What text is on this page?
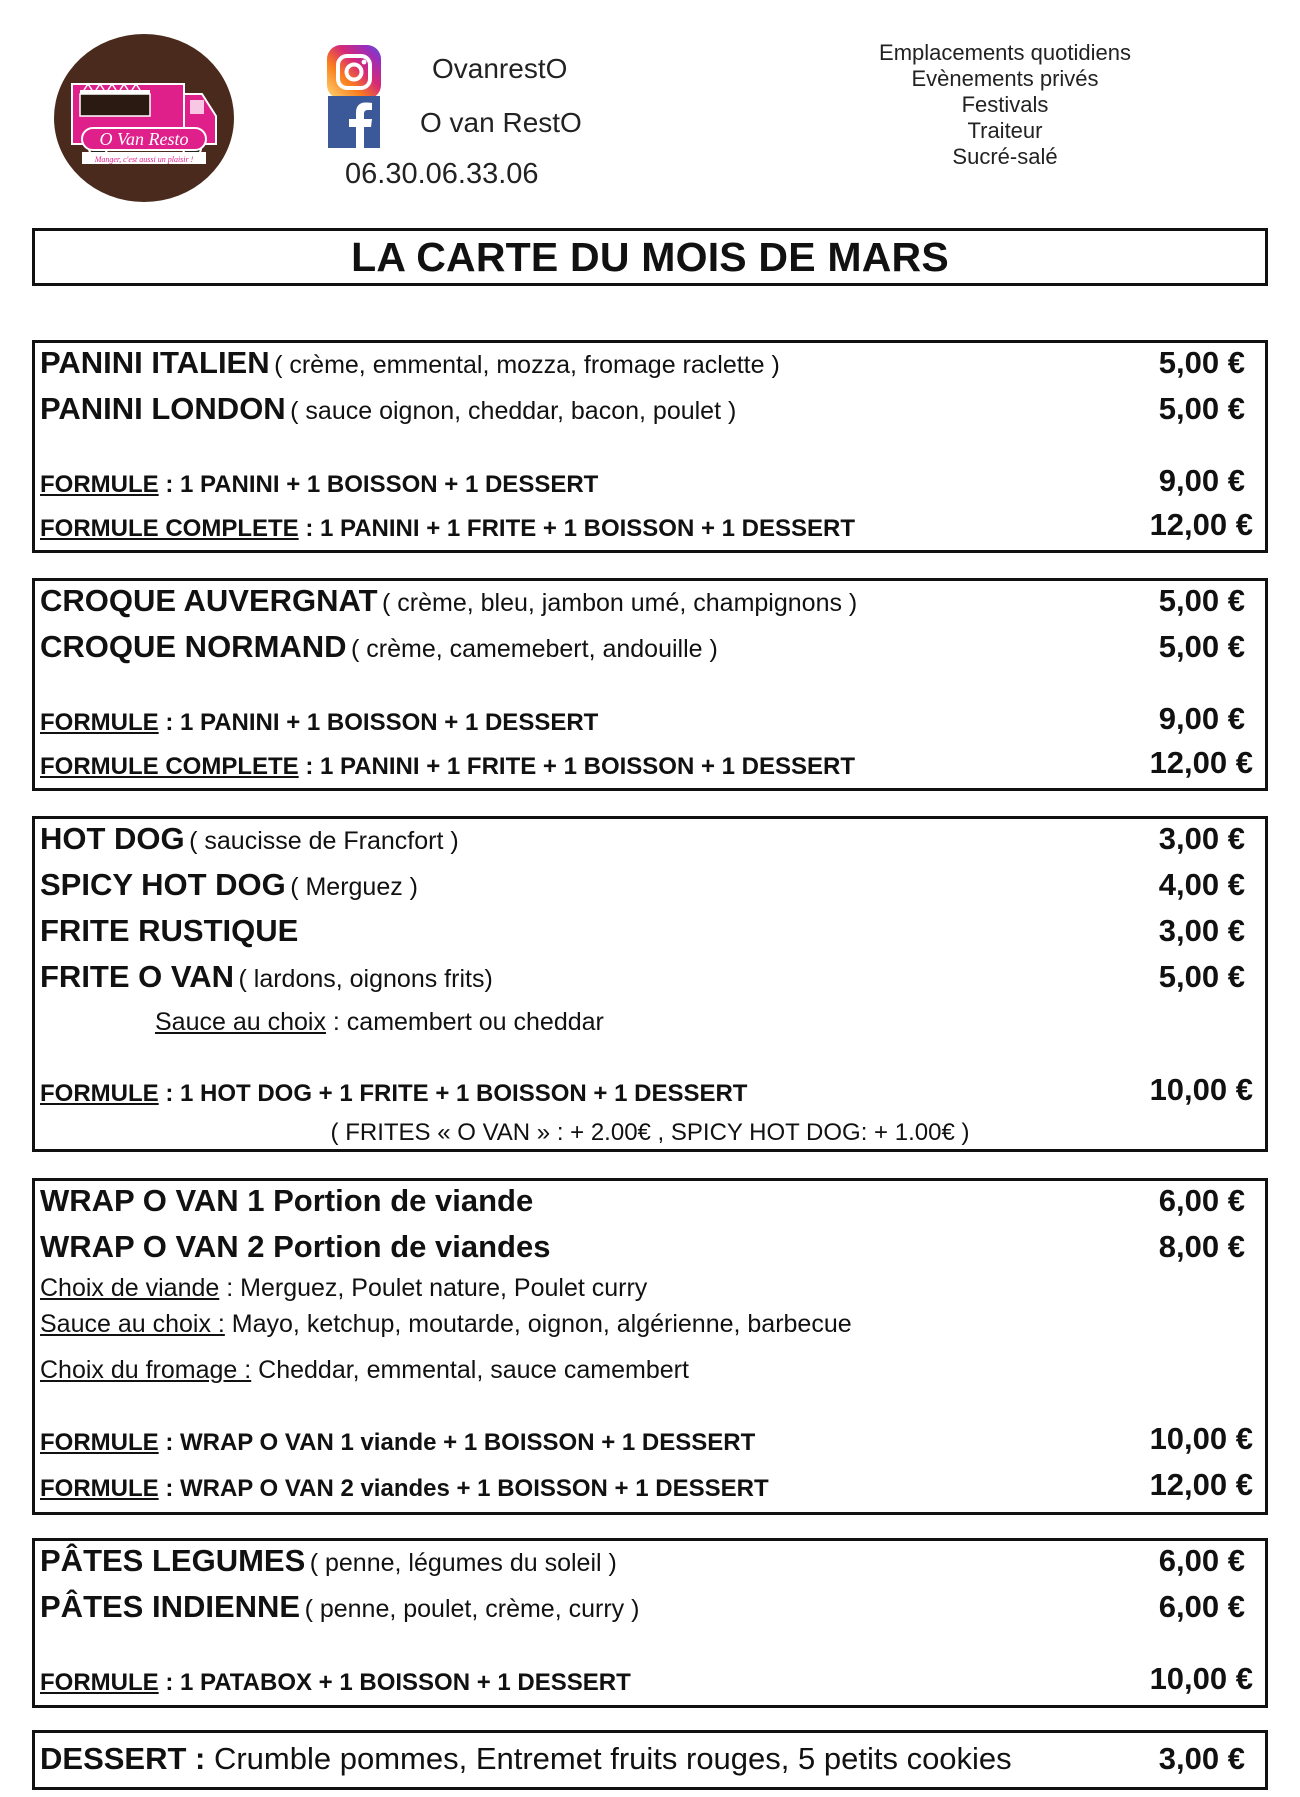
O Van Resto
Manger, c'est aussi un plaisir !
OvanrestO
O van RestO
06.30.06.33.06
Emplacements quotidiens
Evènements privés
Festivals
Traiteur
Sucré-salé
LA CARTE DU MOIS DE MARS
PANINI ITALIEN ( crème, emmental, mozza, fromage raclette )	5,00 €
PANINI LONDON ( sauce oignon, cheddar, bacon, poulet )	5,00 €
FORMULE : 1 PANINI + 1 BOISSON + 1 DESSERT	9,00 €
FORMULE COMPLETE : 1 PANINI + 1 FRITE + 1 BOISSON + 1 DESSERT	12,00 €
CROQUE AUVERGNAT ( crème, bleu, jambon umé, champignons )	5,00 €
CROQUE NORMAND ( crème, camemebert, andouille )	5,00 €
FORMULE : 1 PANINI + 1 BOISSON + 1 DESSERT	9,00 €
FORMULE COMPLETE : 1 PANINI + 1 FRITE + 1 BOISSON + 1 DESSERT	12,00 €
HOT DOG ( saucisse de Francfort )	3,00 €
SPICY HOT DOG ( Merguez )	4,00 €
FRITE RUSTIQUE	3,00 €
FRITE O VAN ( lardons, oignons frits)	5,00 €
Sauce au choix : camembert ou cheddar
FORMULE : 1 HOT DOG + 1 FRITE + 1 BOISSON + 1 DESSERT	10,00 €
( FRITES « O VAN » : + 2.00€ , SPICY HOT DOG: + 1.00€ )
WRAP O VAN 1 Portion de viande	6,00 €
WRAP O VAN 2 Portion de viandes	8,00 €
Choix de viande : Merguez, Poulet nature, Poulet curry
Sauce au choix : Mayo, ketchup, moutarde, oignon, algérienne, barbecue
Choix du fromage : Cheddar, emmental, sauce camembert
FORMULE : WRAP O VAN 1 viande + 1 BOISSON + 1 DESSERT	10,00 €
FORMULE : WRAP O VAN 2 viandes + 1 BOISSON + 1 DESSERT	12,00 €
PÂTES LEGUMES ( penne, légumes du soleil )	6,00 €
PÂTES INDIENNE ( penne, poulet, crème, curry )	6,00 €
FORMULE : 1 PATABOX + 1 BOISSON + 1 DESSERT	10,00 €
DESSERT : Crumble pommes, Entremet fruits rouges, 5 petits cookies	3,00 €
